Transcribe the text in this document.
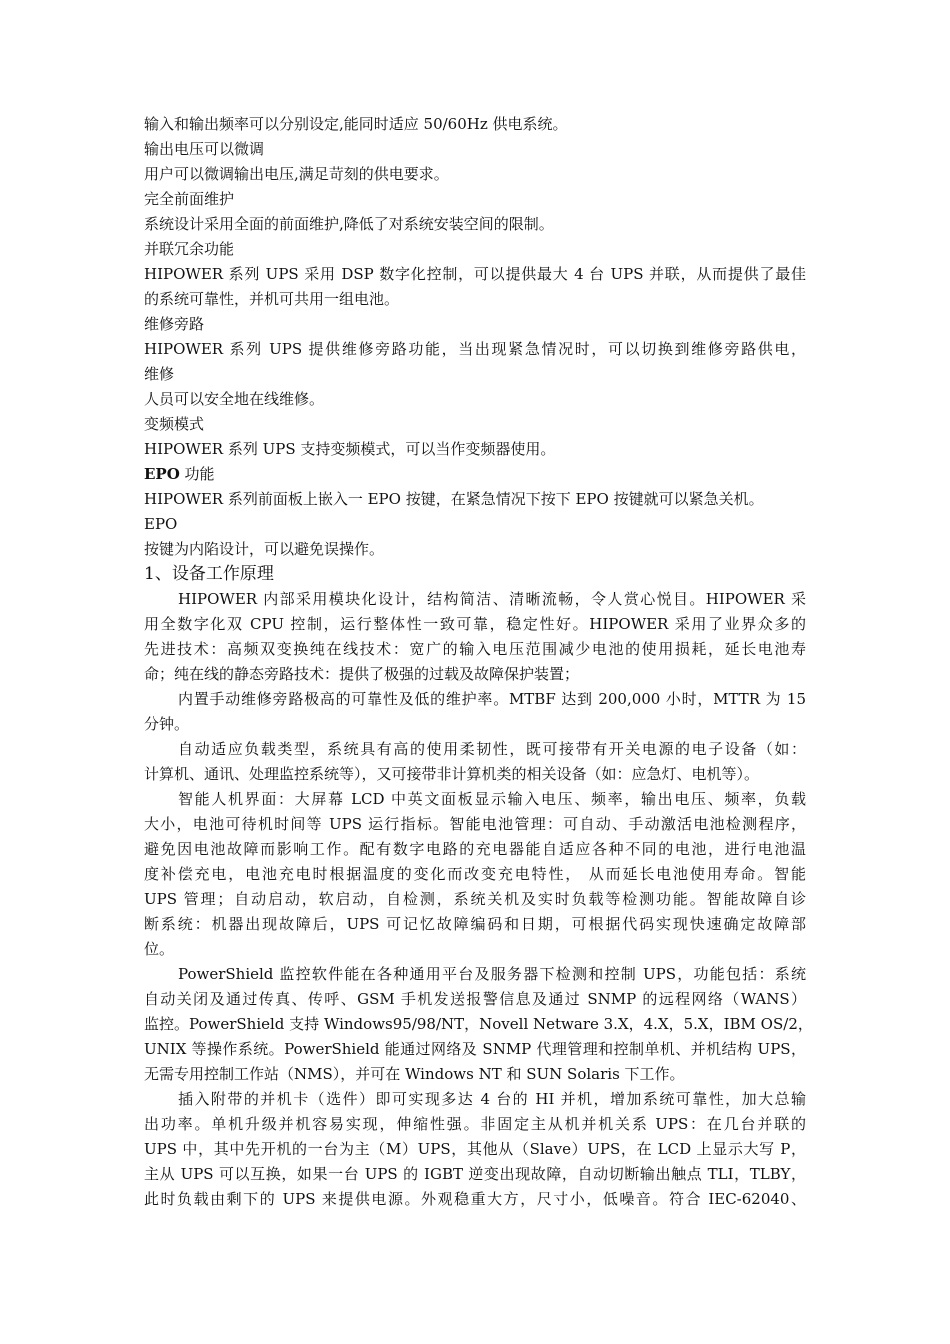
输入和输出频率可以分别设定,能同时适应 50/60Hz 供电系统。
输出电压可以微调
用户可以微调输出电压,满足苛刻的供电要求。
完全前面维护
系统设计采用全面的前面维护,降低了对系统安装空间的限制。
并联冗余功能
HIPOWER 系列 UPS 采用 DSP 数字化控制，可以提供最大 4 台 UPS 并联，从而提供了最佳
的系统可靠性，并机可共用一组电池。
维修旁路
HIPOWER 系列 UPS 提供维修旁路功能，当出现紧急情况时，可以切换到维修旁路供电，
维修
人员可以安全地在线维修。
变频模式
HIPOWER 系列 UPS 支持变频模式，可以当作变频器使用。
EPO 功能
HIPOWER 系列前面板上嵌入一 EPO 按键，在紧急情况下按下 EPO 按键就可以紧急关机。
EPO
按键为内陷设计，可以避免误操作。
1、设备工作原理
HIPOWER 内部采用模块化设计，结构简洁、清晰流畅，令人赏心悦目。HIPOWER 采
用全数字化双 CPU 控制，运行整体性一致可靠，稳定性好。HIPOWER 采用了业界众多的
先进技术：高频双变换纯在线技术：宽广的输入电压范围减少电池的使用损耗，延长电池寿
命；纯在线的静态旁路技术：提供了极强的过载及故障保护装置；
内置手动维修旁路极高的可靠性及低的维护率。MTBF 达到 200,000 小时，MTTR 为 15
分钟。
自动适应负载类型，系统具有高的使用柔韧性，既可接带有开关电源的电子设备（如：
计算机、通讯、处理监控系统等），又可接带非计算机类的相关设备（如：应急灯、电机等）。
智能人机界面：大屏幕 LCD 中英文面板显示输入电压、频率，输出电压、频率，负载
大小，电池可待机时间等 UPS 运行指标。智能电池管理：可自动、手动激活电池检测程序，
避免因电池故障而影响工作。配有数字电路的充电器能自适应各种不同的电池，进行电池温
度补偿充电，电池充电时根据温度的变化而改变充电特性， 从而延长电池使用寿命。智能
UPS 管理；自动启动，软启动，自检测，系统关机及实时负载等检测功能。智能故障自诊
断系统：机器出现故障后，UPS 可记忆故障编码和日期，可根据代码实现快速确定故障部
位。
PowerShield 监控软件能在各种通用平台及服务器下检测和控制 UPS，功能包括：系统
自动关闭及通过传真、传呼、GSM 手机发送报警信息及通过 SNMP 的远程网络（WANS）
监控。PowerShield 支持 Windows95/98/NT，Novell Netware 3.X，4.X，5.X，IBM OS/2，
UNIX 等操作系统。PowerShield 能通过网络及 SNMP 代理管理和控制单机、并机结构 UPS，
无需专用控制工作站（NMS），并可在 Windows NT 和 SUN Solaris 下工作。
插入附带的并机卡（选件）即可实现多达 4 台的 HI 并机，增加系统可靠性，加大总输
出功率。单机升级并机容易实现，伸缩性强。非固定主从机并机关系 UPS：在几台并联的
UPS 中，其中先开机的一台为主（M）UPS，其他从（Slave）UPS，在 LCD 上显示大写 P，
主从 UPS 可以互换，如果一台 UPS 的 IGBT 逆变出现故障，自动切断输出触点 TLI，TLBY，
此时负载由剩下的 UPS 来提供电源。外观稳重大方，尺寸小，低噪音。符合 IEC-62040、
